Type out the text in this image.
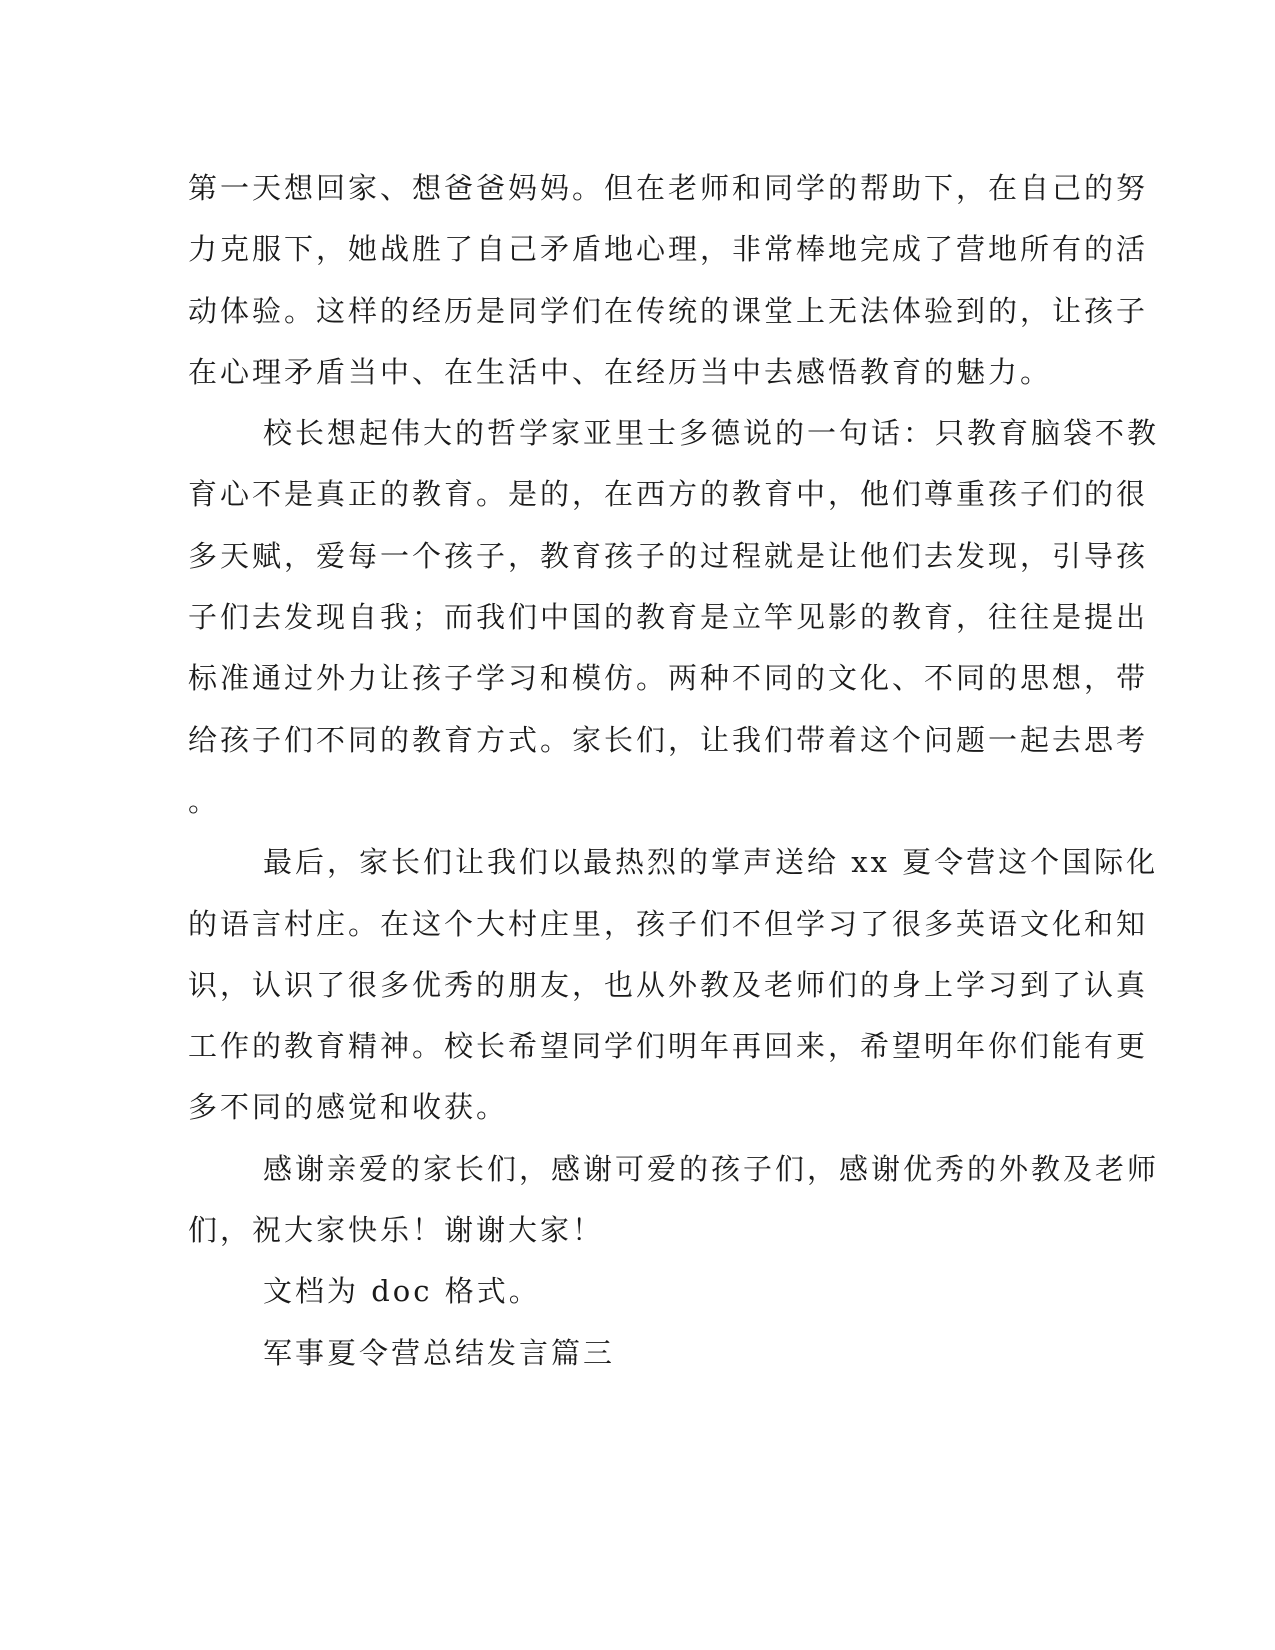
第一天想回家、想爸爸妈妈。但在老师和同学的帮助下，在自己的努
力克服下，她战胜了自己矛盾地心理，非常棒地完成了营地所有的活
动体验。这样的经历是同学们在传统的课堂上无法体验到的，让孩子
在心理矛盾当中、在生活中、在经历当中去感悟教育的魅力。
校长想起伟大的哲学家亚里士多德说的一句话：只教育脑袋不教
育心不是真正的教育。是的，在西方的教育中，他们尊重孩子们的很
多天赋，爱每一个孩子，教育孩子的过程就是让他们去发现，引导孩
子们去发现自我；而我们中国的教育是立竿见影的教育，往往是提出
标准通过外力让孩子学习和模仿。两种不同的文化、不同的思想，带
给孩子们不同的教育方式。家长们，让我们带着这个问题一起去思考
。
最后，家长们让我们以最热烈的掌声送给 xx 夏令营这个国际化
的语言村庄。在这个大村庄里，孩子们不但学习了很多英语文化和知
识，认识了很多优秀的朋友，也从外教及老师们的身上学习到了认真
工作的教育精神。校长希望同学们明年再回来，希望明年你们能有更
多不同的感觉和收获。
感谢亲爱的家长们，感谢可爱的孩子们，感谢优秀的外教及老师
们，祝大家快乐！谢谢大家！
文档为 doc 格式。
军事夏令营总结发言篇三
